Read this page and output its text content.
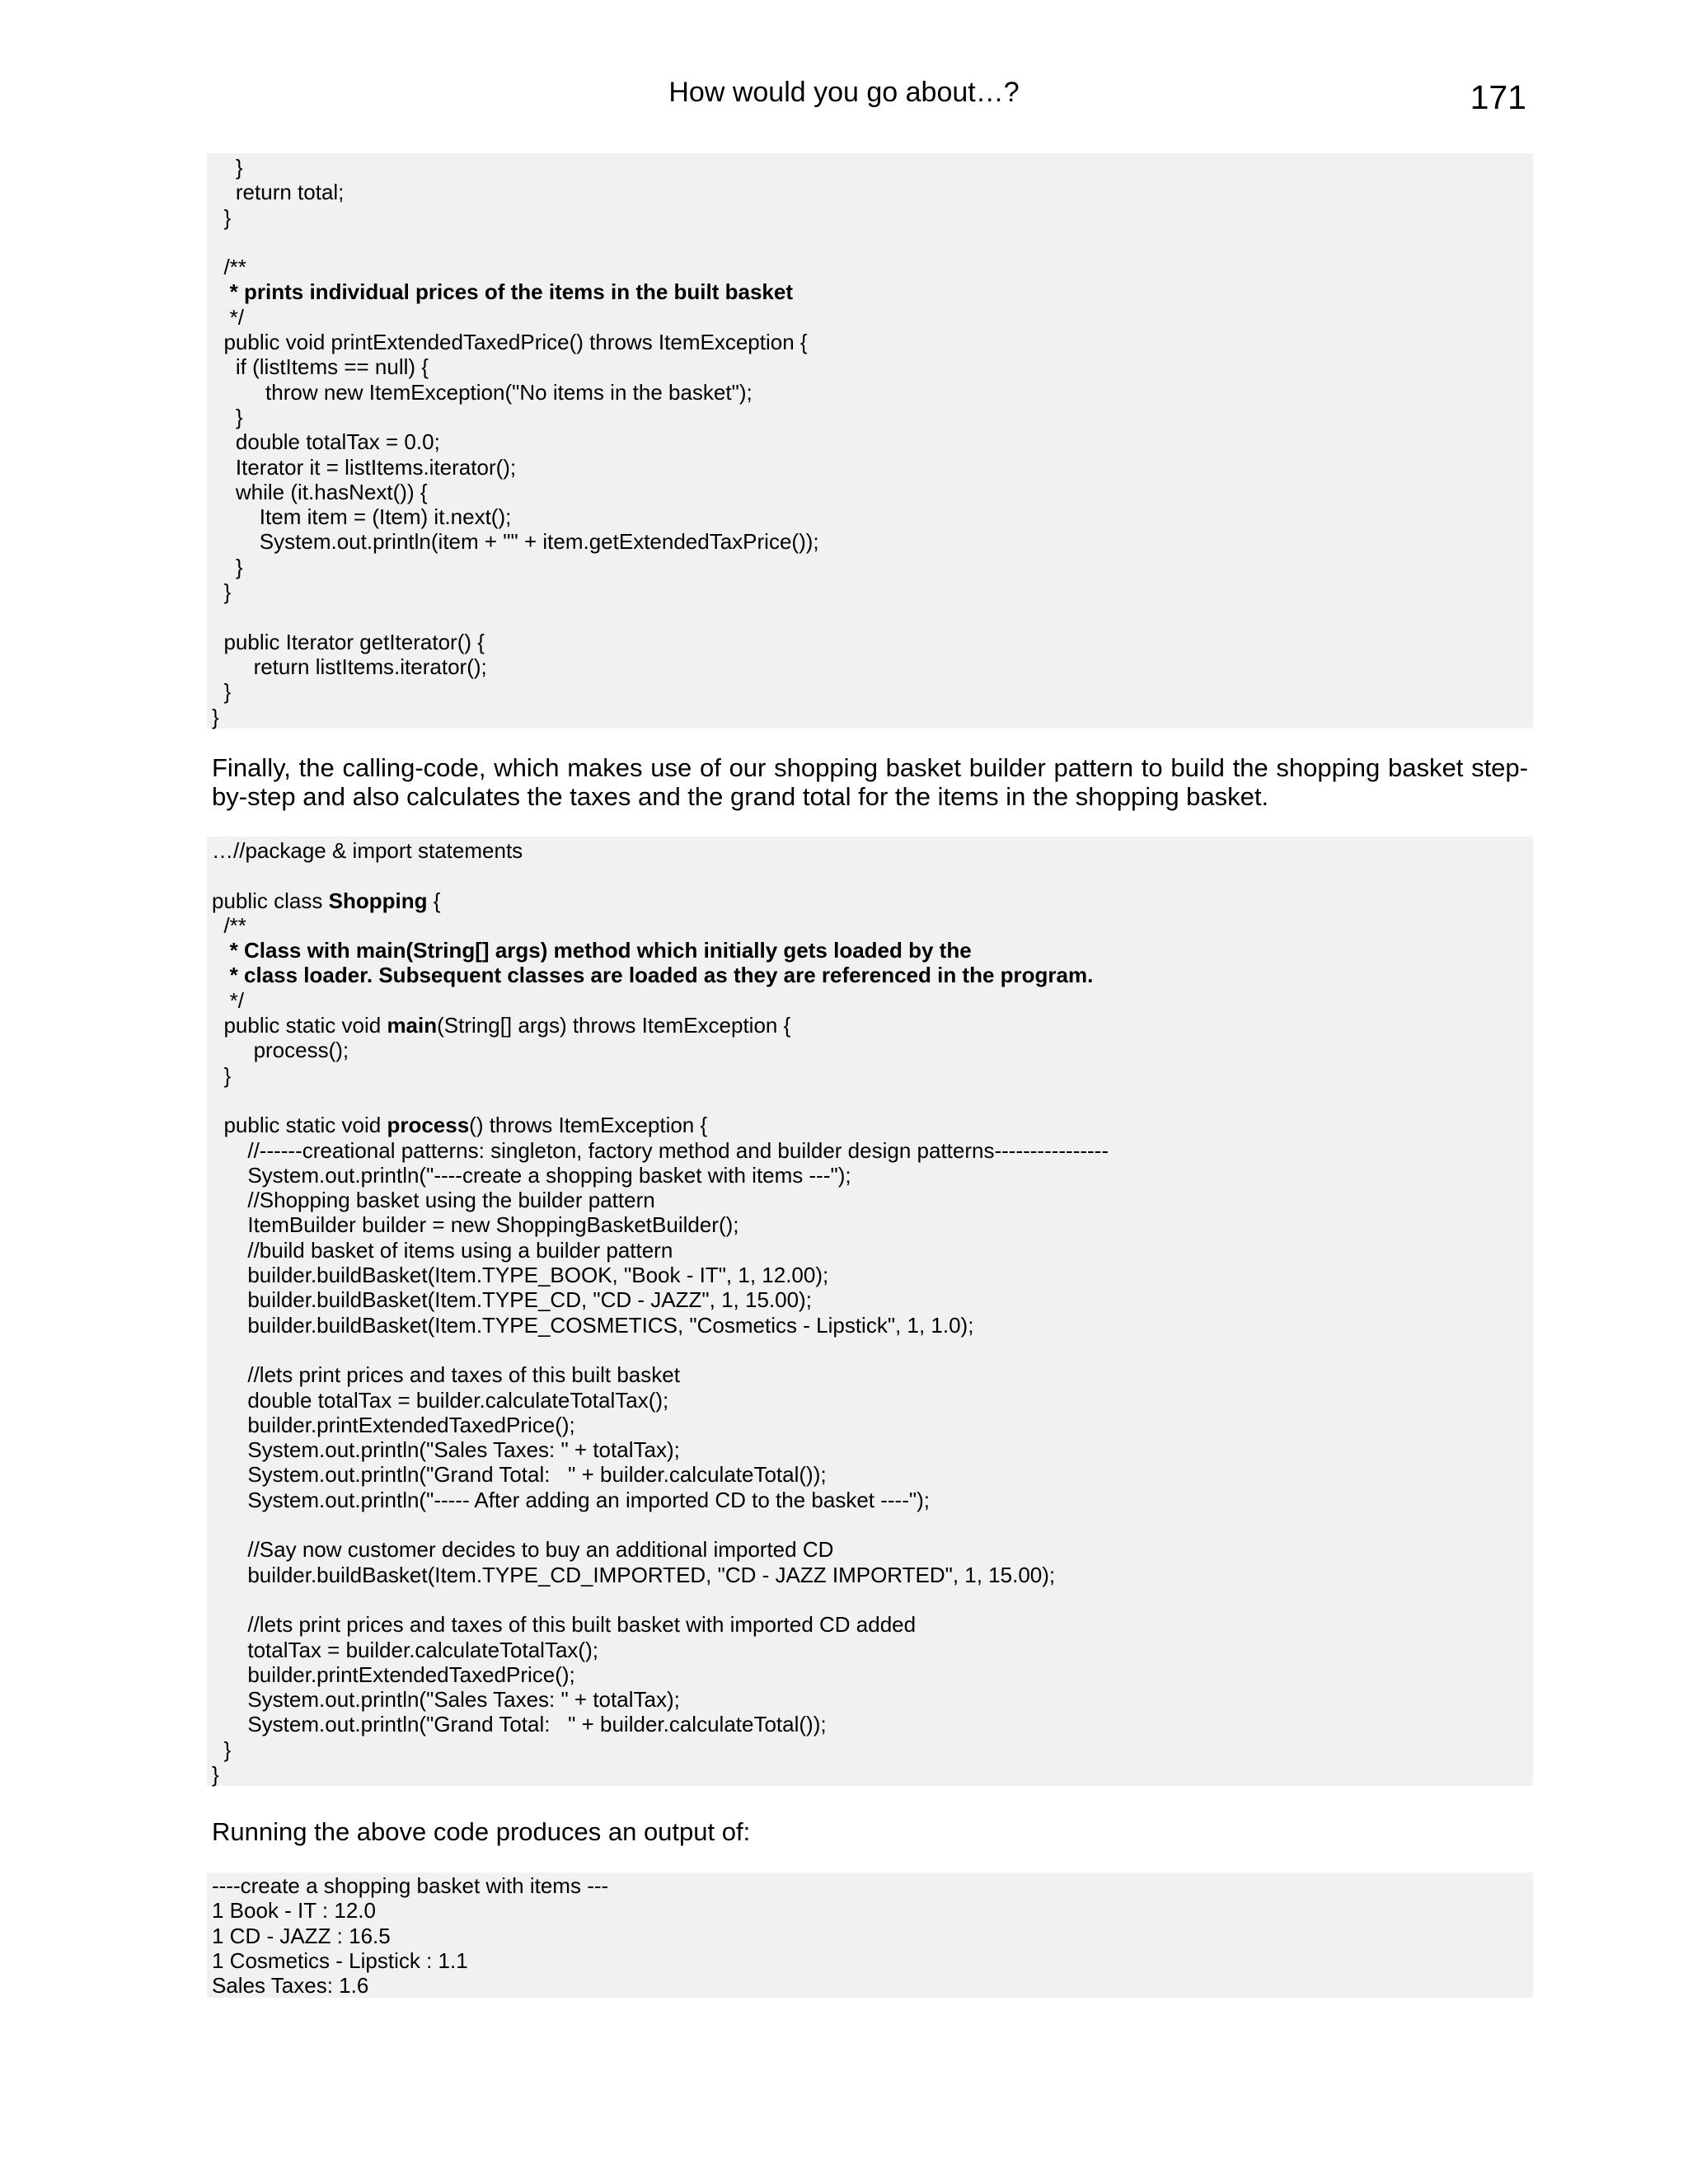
How would you go about…?	171
}
return total;
}
/**
* prints individual prices of the items in the built basket
*/
public void printExtendedTaxedPrice() throws ItemException {
if (listItems == null) {
throw new ItemException("No items in the basket");
}
double totalTax = 0.0;
Iterator it = listItems.iterator();
while (it.hasNext()) {
Item item = (Item) it.next();
System.out.println(item + "" + item.getExtendedTaxPrice());
}
}
public Iterator getIterator() {
return listItems.iterator();
}
}
Finally, the calling-code, which makes use of our shopping basket builder pattern to build the shopping basket step-by-step and also calculates the taxes and the grand total for the items in the shopping basket.
…//package & import statements
public class Shopping {
/**
* Class with main(String[] args) method which initially gets loaded by the
* class loader. Subsequent classes are loaded as they are referenced in the program.
*/
public static void main(String[] args) throws ItemException {
process();
}
public static void process() throws ItemException {
//------creational patterns: singleton, factory method and builder design patterns----------------
System.out.println("----create a shopping basket with items ---");
//Shopping basket using the builder pattern
ItemBuilder builder = new ShoppingBasketBuilder();
//build basket of items using a builder pattern
builder.buildBasket(Item.TYPE_BOOK, "Book - IT", 1, 12.00);
builder.buildBasket(Item.TYPE_CD, "CD - JAZZ", 1, 15.00);
builder.buildBasket(Item.TYPE_COSMETICS, "Cosmetics - Lipstick", 1, 1.0);
//lets print prices and taxes of this built basket
double totalTax = builder.calculateTotalTax();
builder.printExtendedTaxedPrice();
System.out.println("Sales Taxes: " + totalTax);
System.out.println("Grand Total:   " + builder.calculateTotal());
System.out.println("----- After adding an imported CD to the basket ----");
//Say now customer decides to buy an additional imported CD
builder.buildBasket(Item.TYPE_CD_IMPORTED, "CD - JAZZ IMPORTED", 1, 15.00);
//lets print prices and taxes of this built basket with imported CD added
totalTax = builder.calculateTotalTax();
builder.printExtendedTaxedPrice();
System.out.println("Sales Taxes: " + totalTax);
System.out.println("Grand Total:   " + builder.calculateTotal());
}
}
Running the above code produces an output of:
----create a shopping basket with items ---
1 Book - IT : 12.0
1 CD - JAZZ : 16.5
1 Cosmetics - Lipstick : 1.1
Sales Taxes: 1.6
